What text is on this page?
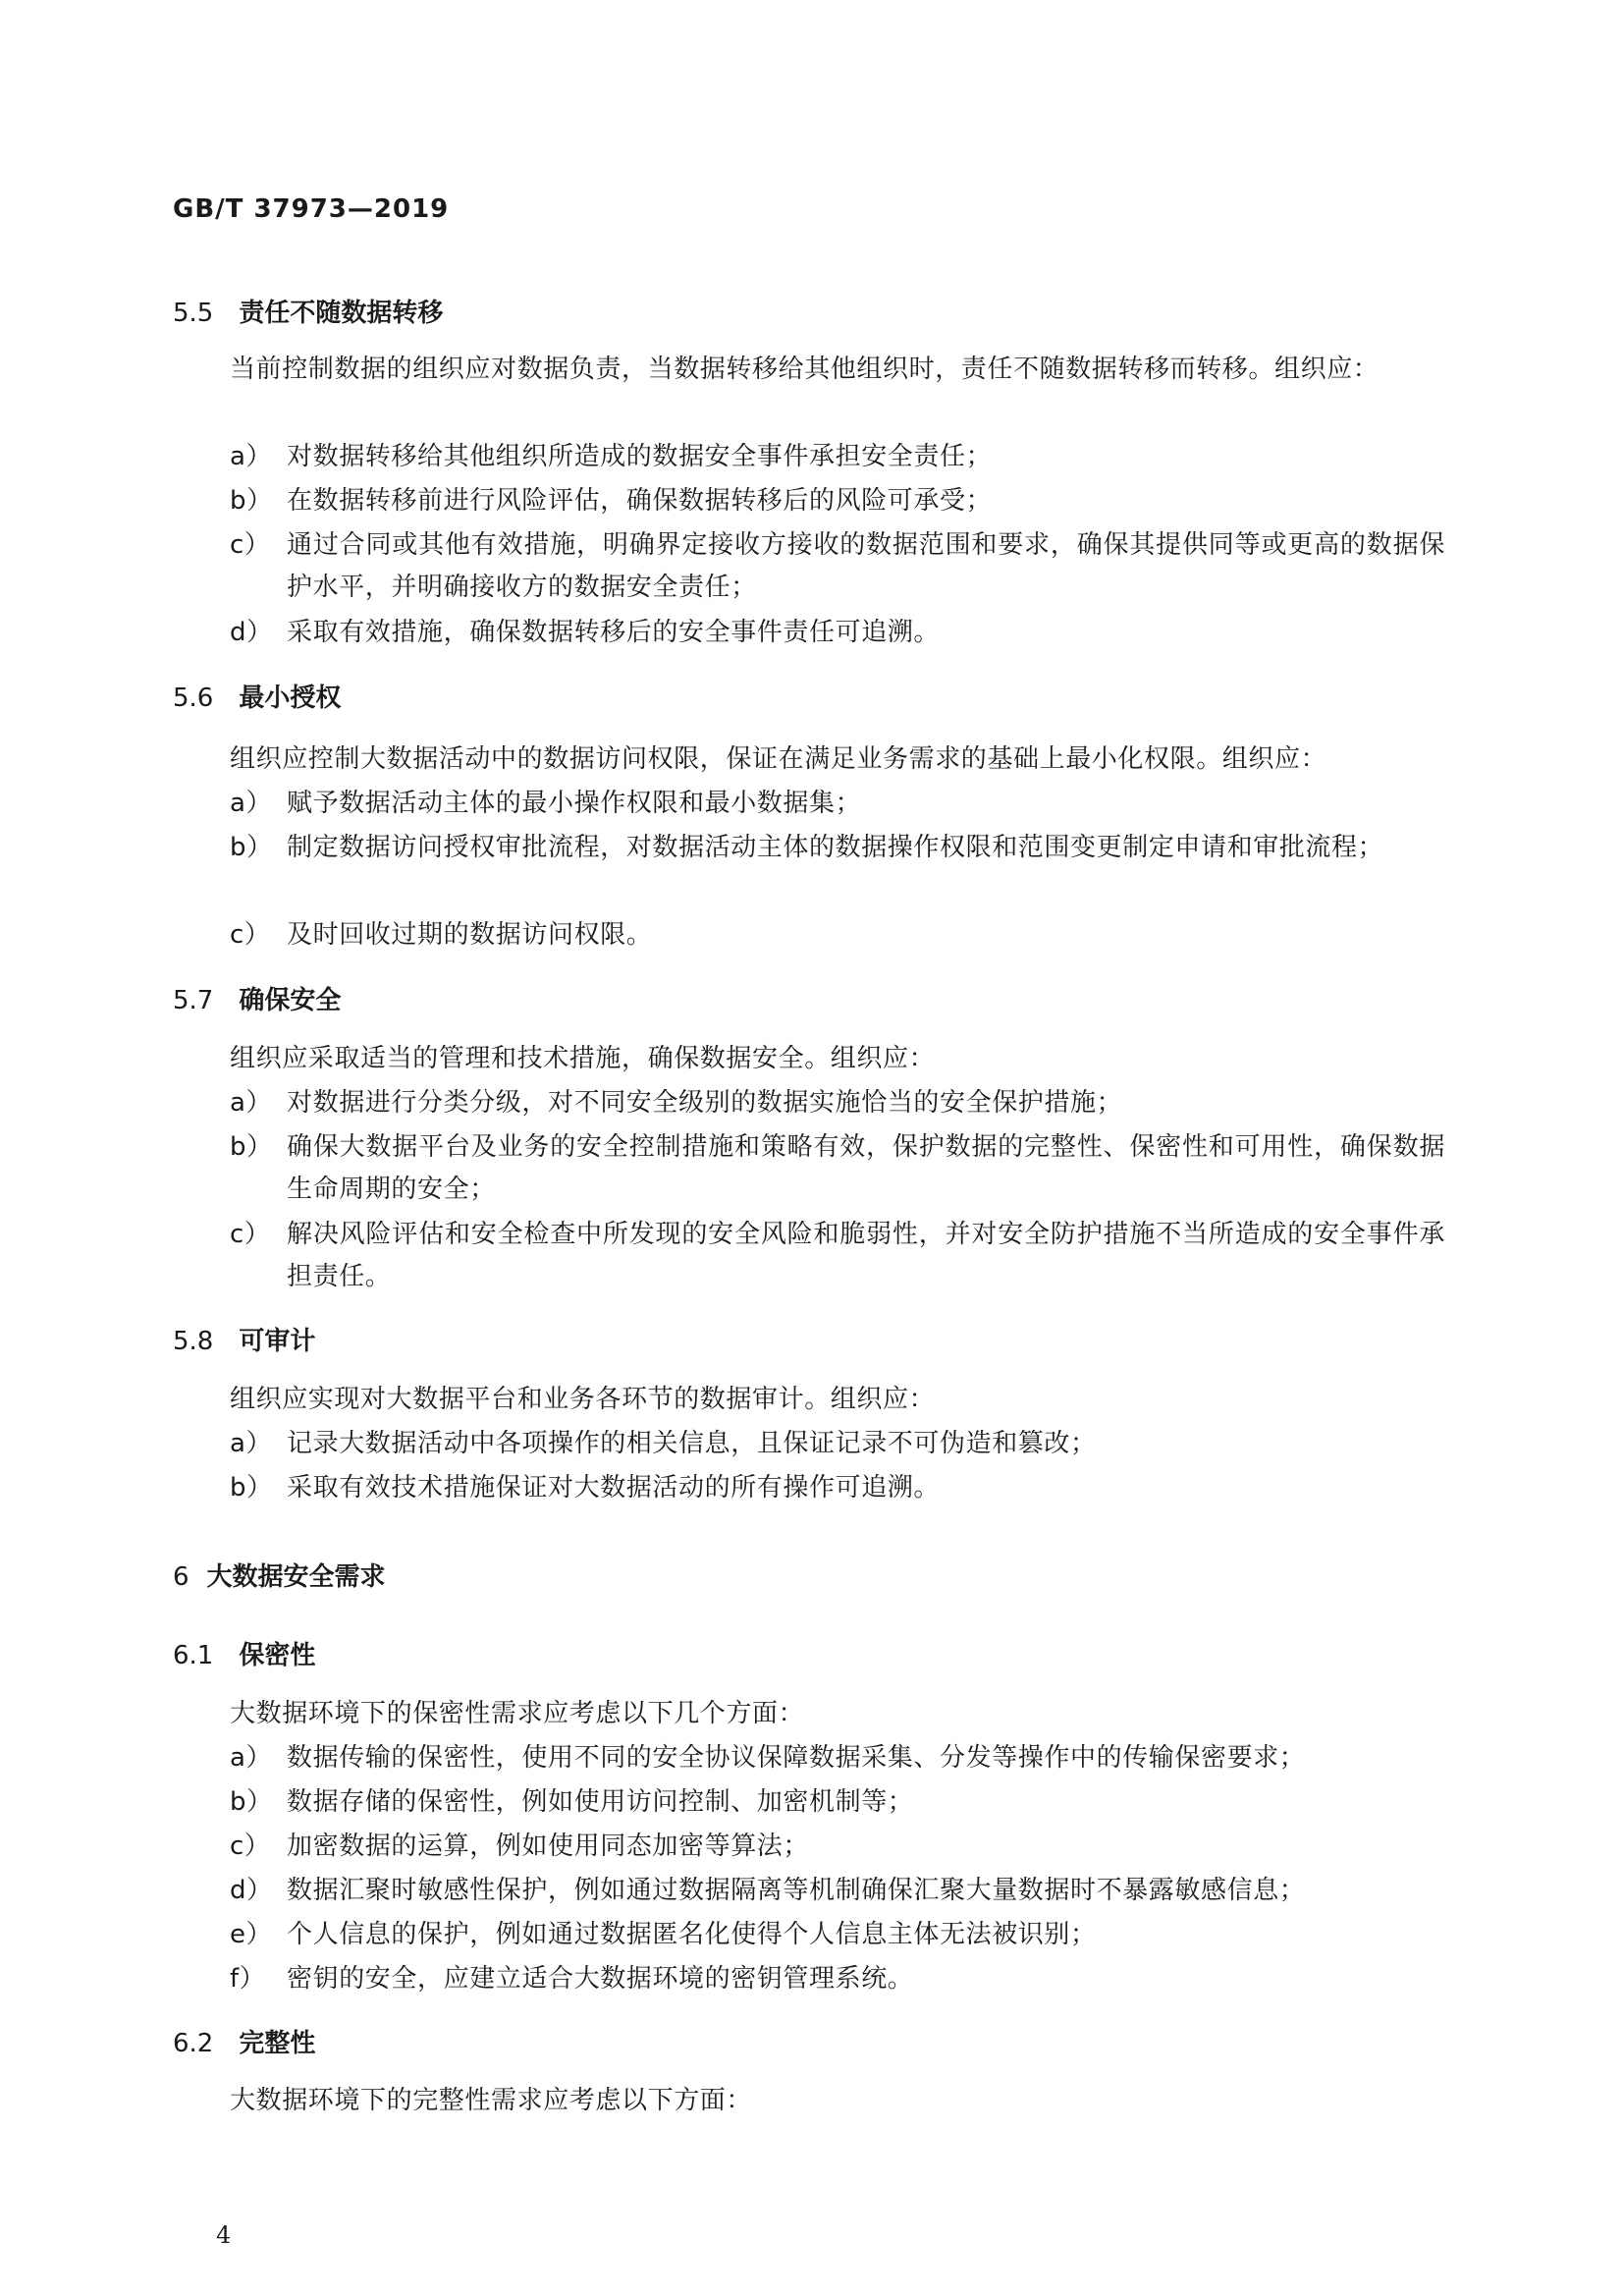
GB/T 37973—2019
5.5 责任不随数据转移
当前控制数据的组织应对数据负责，当数据转移给其他组织时，责任不随数据转移而转移。组织应：
a） 对数据转移给其他组织所造成的数据安全事件承担安全责任；
b） 在数据转移前进行风险评估，确保数据转移后的风险可承受；
c） 通过合同或其他有效措施，明确界定接收方接收的数据范围和要求，确保其提供同等或更高的数据保护水平，并明确接收方的数据安全责任；
d） 采取有效措施，确保数据转移后的安全事件责任可追溯。
5.6 最小授权
组织应控制大数据活动中的数据访问权限，保证在满足业务需求的基础上最小化权限。组织应：
a） 赋予数据活动主体的最小操作权限和最小数据集；
b） 制定数据访问授权审批流程，对数据活动主体的数据操作权限和范围变更制定申请和审批流程；
c） 及时回收过期的数据访问权限。
5.7 确保安全
组织应采取适当的管理和技术措施，确保数据安全。组织应：
a） 对数据进行分类分级，对不同安全级别的数据实施恰当的安全保护措施；
b） 确保大数据平台及业务的安全控制措施和策略有效，保护数据的完整性、保密性和可用性，确保数据生命周期的安全；
c） 解决风险评估和安全检查中所发现的安全风险和脆弱性，并对安全防护措施不当所造成的安全事件承担责任。
5.8 可审计
组织应实现对大数据平台和业务各环节的数据审计。组织应：
a） 记录大数据活动中各项操作的相关信息，且保证记录不可伪造和篡改；
b） 采取有效技术措施保证对大数据活动的所有操作可追溯。
6 大数据安全需求
6.1 保密性
大数据环境下的保密性需求应考虑以下几个方面：
a） 数据传输的保密性，使用不同的安全协议保障数据采集、分发等操作中的传输保密要求；
b） 数据存储的保密性，例如使用访问控制、加密机制等；
c） 加密数据的运算，例如使用同态加密等算法；
d） 数据汇聚时敏感性保护，例如通过数据隔离等机制确保汇聚大量数据时不暴露敏感信息；
e） 个人信息的保护，例如通过数据匿名化使得个人信息主体无法被识别；
f） 密钥的安全，应建立适合大数据环境的密钥管理系统。
6.2 完整性
大数据环境下的完整性需求应考虑以下方面：
4
